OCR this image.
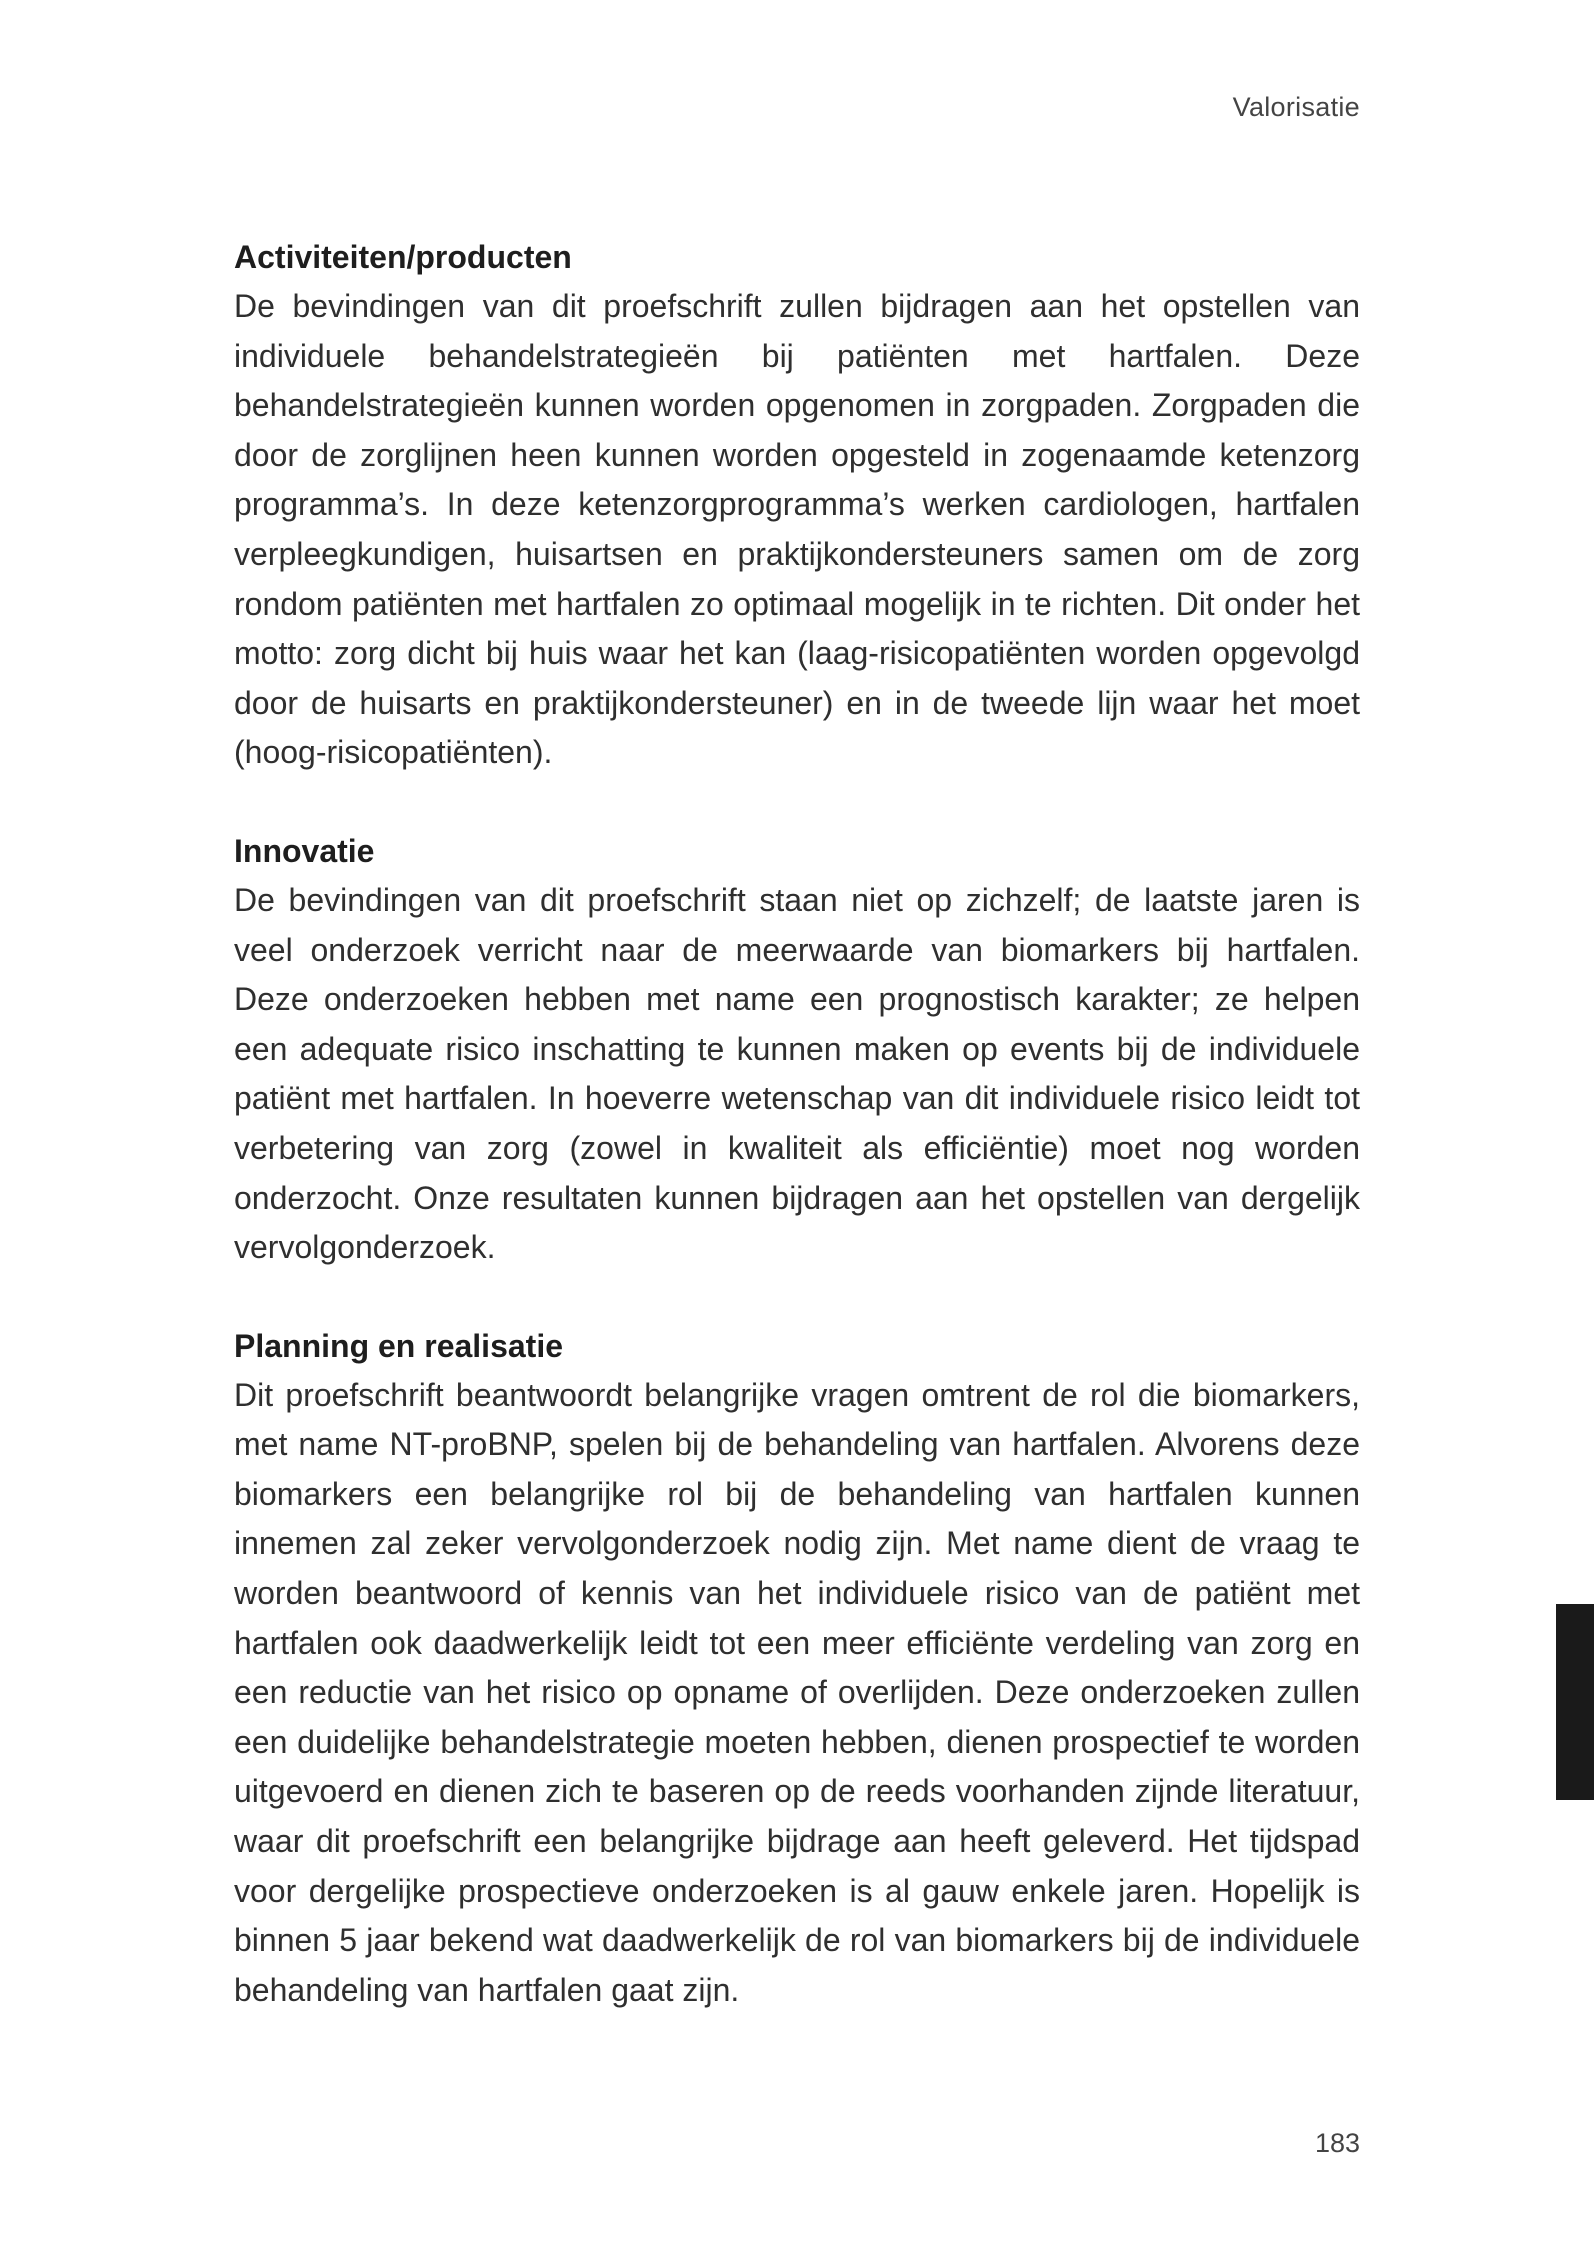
Valorisatie
Activiteiten/producten

De bevindingen van dit proefschrift zullen bijdragen aan het opstellen van individuele behandelstrategieën bij patiënten met hartfalen. Deze behandelstrategieën kunnen worden opgenomen in zorgpaden. Zorgpaden die door de zorglijnen heen kunnen worden opgesteld in zogenaamde ketenzorg programma’s. In deze ketenzorgprogramma’s werken cardiologen, hartfalen verpleegkundigen, huisartsen en praktijkondersteuners samen om de zorg rondom patiënten met hartfalen zo optimaal mogelijk in te richten. Dit onder het motto: zorg dicht bij huis waar het kan (laag-risicopatiënten worden opgevolgd door de huisarts en praktijkondersteuner) en in de tweede lijn waar het moet (hoog-risicopatiënten).

Innovatie

De bevindingen van dit proefschrift staan niet op zichzelf; de laatste jaren is veel onderzoek verricht naar de meerwaarde van biomarkers bij hartfalen. Deze onderzoeken hebben met name een prognostisch karakter; ze helpen een adequate risico inschatting te kunnen maken op events bij de individuele patiënt met hartfalen. In hoeverre wetenschap van dit individuele risico leidt tot verbetering van zorg (zowel in kwaliteit als efficiëntie) moet nog worden onderzocht. Onze resultaten kunnen bijdragen aan het opstellen van dergelijk vervolgonderzoek.

Planning en realisatie

Dit proefschrift beantwoordt belangrijke vragen omtrent de rol die biomarkers, met name NT-proBNP, spelen bij de behandeling van hartfalen. Alvorens deze biomarkers een belangrijke rol bij de behandeling van hartfalen kunnen innemen zal zeker vervolgonderzoek nodig zijn. Met name dient de vraag te worden beantwoord of kennis van het individuele risico van de patiënt met hartfalen ook daadwerkelijk leidt tot een meer efficiënte verdeling van zorg en een reductie van het risico op opname of overlijden. Deze onderzoeken zullen een duidelijke behandelstrategie moeten hebben, dienen prospectief te worden uitgevoerd en dienen zich te baseren op de reeds voorhanden zijnde literatuur, waar dit proefschrift een belangrijke bijdrage aan heeft geleverd. Het tijdspad voor dergelijke prospectieve onderzoeken is al gauw enkele jaren. Hopelijk is binnen 5 jaar bekend wat daadwerkelijk de rol van biomarkers bij de individuele behandeling van hartfalen gaat zijn.

183
